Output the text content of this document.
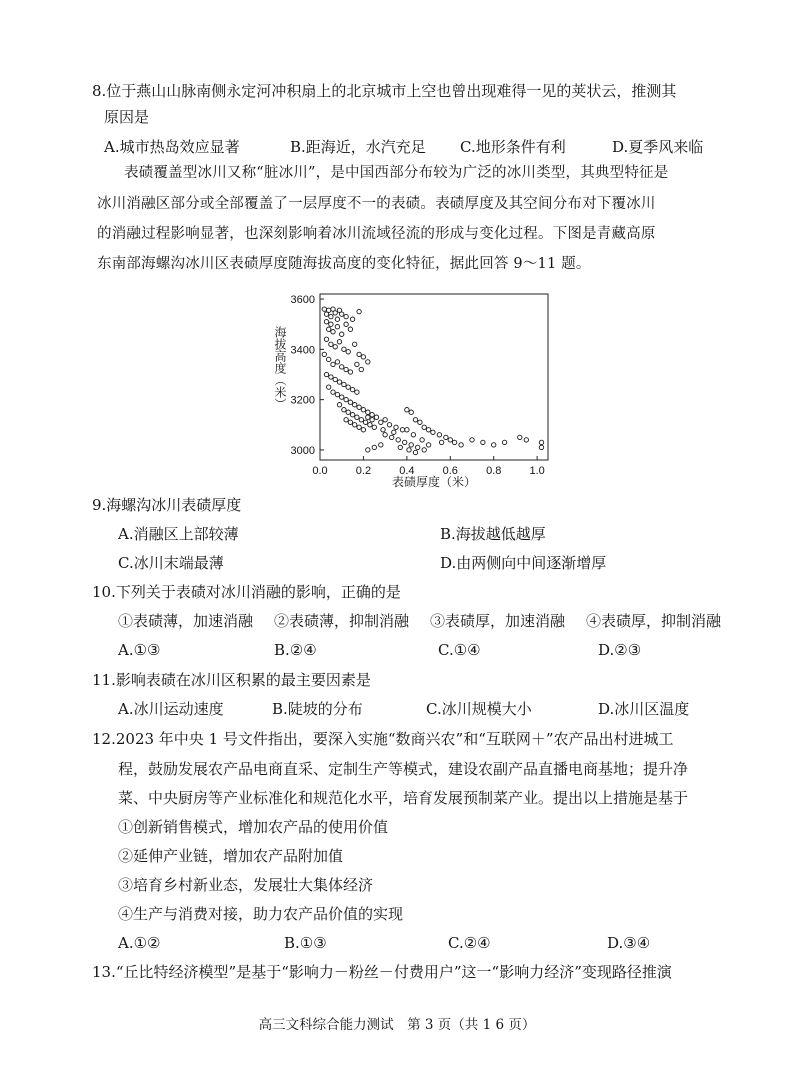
8.位于燕山山脉南侧永定河冲积扇上的北京城市上空也曾出现难得一见的荚状云，推测其
原因是
A.城市热岛效应显著	B.距海近，水汽充足 C.地形条件有利	D.夏季风来临
表碛覆盖型冰川又称“脏冰川”，是中国西部分布较为广泛的冰川类型，其典型特征是
冰川消融区部分或全部覆盖了一层厚度不一的表碛。表碛厚度及其空间分布对下覆冰川
的消融过程影响显著，也深刻影响着冰川流域径流的形成与变化过程。下图是青藏高原
东南部海螺沟冰川区表碛厚度随海拔高度的变化特征，据此回答 9～11 题。
3000
3200
3400
3600
0.0	0.2	0.4	0.6	0.8	1.0
海拔高度（米）
表碛厚度（米）
9.海螺沟冰川表碛厚度
A.消融区上部较薄	B.海拔越低越厚
C.冰川末端最薄	D.由两侧向中间逐渐增厚
10.下列关于表碛对冰川消融的影响，正确的是
①表碛薄，加速消融 ②表碛薄，抑制消融 ③表碛厚，加速消融 ④表碛厚，抑制消融
A.①③	B.②④	C.①④	D.②③
11.影响表碛在冰川区积累的最主要因素是
A.冰川运动速度	B.陡坡的分布	C.冰川规模大小	D.冰川区温度
12.2023 年中央 1 号文件指出，要深入实施“数商兴农”和“互联网＋”农产品出村进城工
程，鼓励发展农产品电商直采、定制生产等模式，建设农副产品直播电商基地；提升净
菜、中央厨房等产业标准化和规范化水平，培育发展预制菜产业。提出以上措施是基于
①创新销售模式，增加农产品的使用价值
②延伸产业链，增加农产品附加值
③培育乡村新业态，发展壮大集体经济
④生产与消费对接，助力农产品价值的实现
A.①②	B.①③	C.②④	D.③④
13.“丘比特经济模型”是基于“影响力－粉丝－付费用户”这一“影响力经济”变现路径推演
高三文科综合能力测试　第 3 页（共 1 6 页）
